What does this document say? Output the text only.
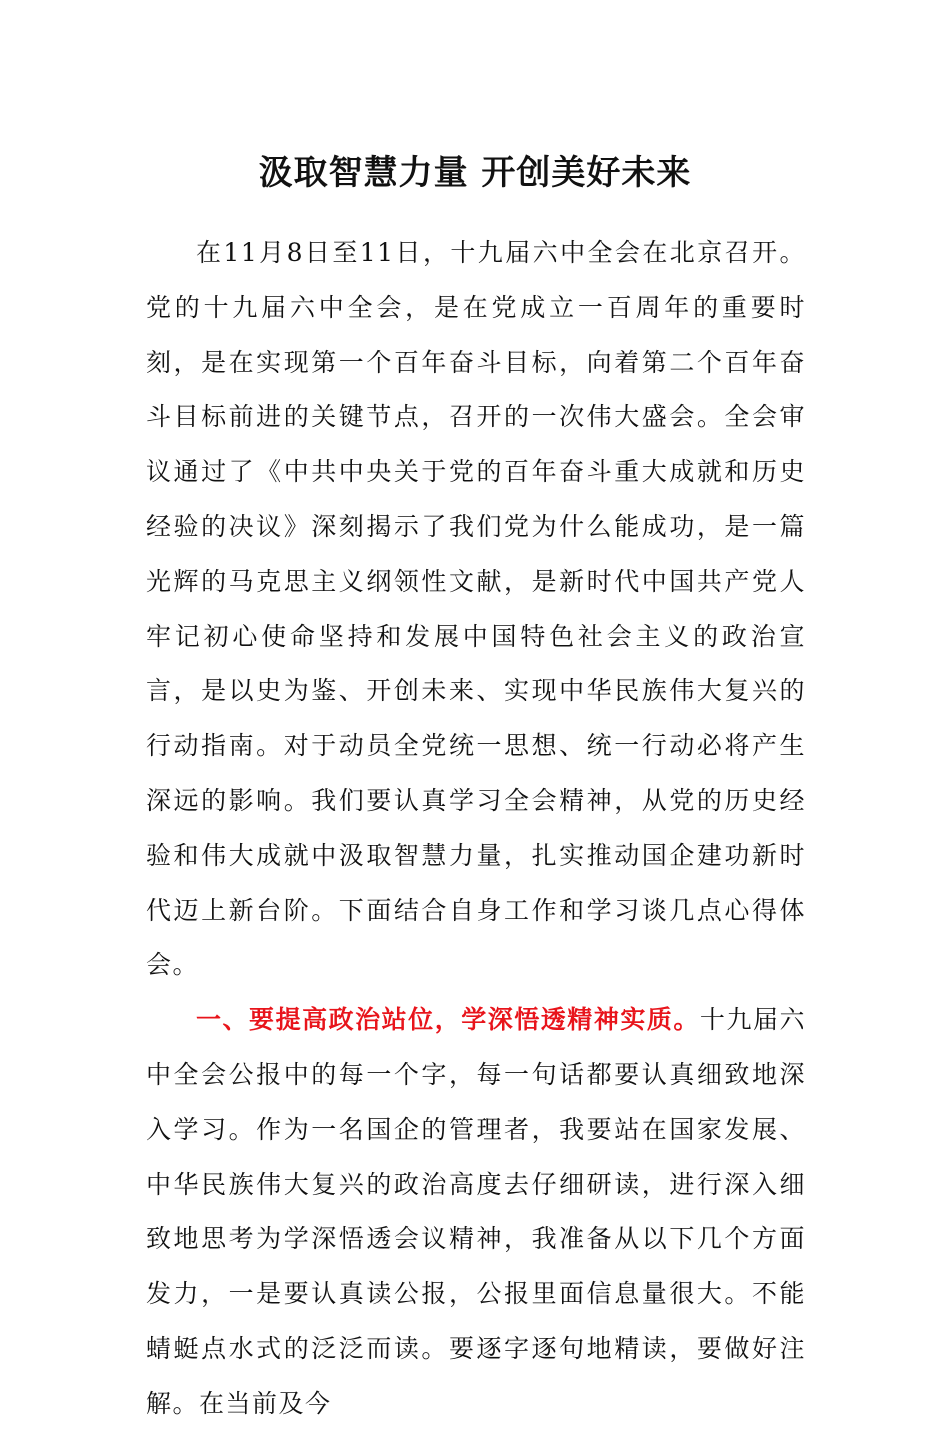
汲取智慧力量 开创美好未来

在11月8日至11日，十九届六中全会在北京召开。党的十九届六中全会，是在党成立一百周年的重要时刻，是在实现第一个百年奋斗目标，向着第二个百年奋斗目标前进的关键节点，召开的一次伟大盛会。全会审议通过了《中共中央关于党的百年奋斗重大成就和历史经验的决议》深刻揭示了我们党为什么能成功，是一篇光辉的马克思主义纲领性文献，是新时代中国共产党人牢记初心使命坚持和发展中国特色社会主义的政治宣言，是以史为鉴、开创未来、实现中华民族伟大复兴的行动指南。对于动员全党统一思想、统一行动必将产生深远的影响。我们要认真学习全会精神，从党的历史经验和伟大成就中汲取智慧力量，扎实推动国企建功新时代迈上新台阶。下面结合自身工作和学习谈几点心得体会。

一、要提高政治站位，学深悟透精神实质。十九届六中全会公报中的每一个字，每一句话都要认真细致地深入学习。作为一名国企的管理者，我要站在国家发展、中华民族伟大复兴的政治高度去仔细研读，进行深入细致地思考为学深悟透会议精神，我准备从以下几个方面发力，一是要认真读公报，公报里面信息量很大。不能蜻蜓点水式的泛泛而读。要逐字逐句地精读，要做好注解。在当前及今
